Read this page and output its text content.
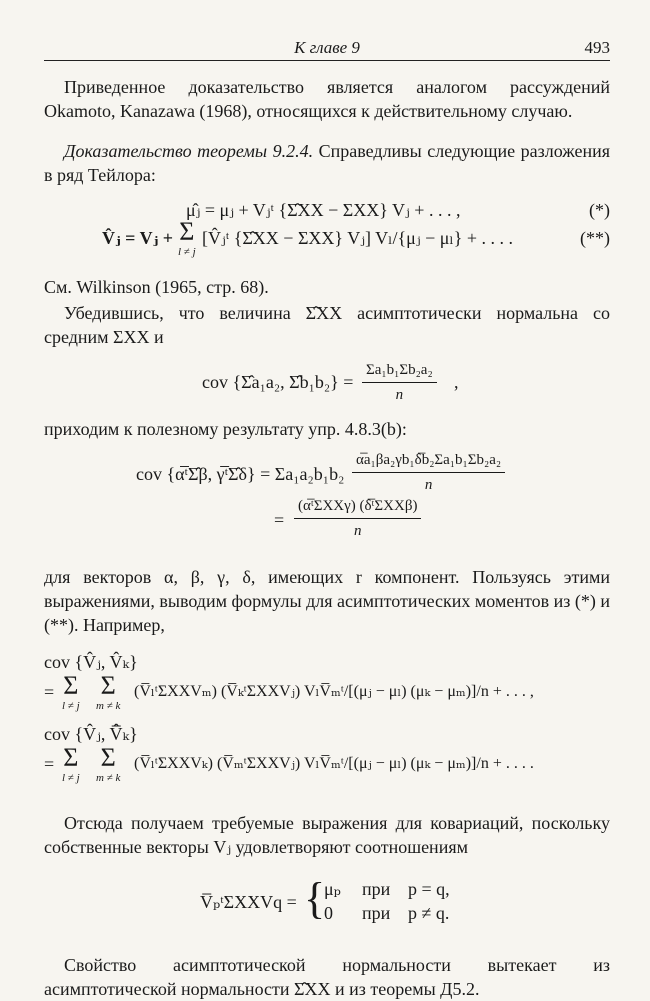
К главе 9	493

Приведенное доказательство является аналогом рассуждений Okamoto, Kanazawa (1968), относящихся к действительному случаю.

Доказательство теоремы 9.2.4. Справедливы следующие разложения в ряд Тейлора:

μ̂ⱼ = μⱼ + Vⱼᵗ {Σ̂XX − ΣXX} Vⱼ + . . . ,	(*)
V̂ⱼ = Vⱼ + Σ
l ≠ j
[V̂ⱼᵗ {Σ̂XX − ΣXX} Vⱼ] Vₗ/{μⱼ − μₗ} + . . . .	(**)

См. Wilkinson (1965, стр. 68).

Убедившись, что величина Σ̂XX асимптотически нормальна со средним ΣXX и

cov {Σ̂a₁a₂, Σ̂b₁b₂} = $\frac{\text{Σa₁b₁Σb₂a₂}}{n}$ ,

приходим к полезному результату упр. 4.8.3(b):

cov {α̅ᵗΣ̂β, γ̅ᵗΣ̂δ} = $\Sigma a_1a_2b_1b_2 \frac{\text{α̅a₁βa₂γb₁δ̅b₂Σa₁b₁Σb₂a₂}}{n}$
=
(α̅ᵗΣXXγ) (δ̅ᵗΣXXβ)
n

для векторов α, β, γ, δ, имеющих r компонент. Пользуясь этими выражениями, выводим формулы для асимптотических моментов из (*) и (**). Например,

cov {V̂ⱼ, V̂ₖ}
= Σ
l ≠ j
Σ
m ≠ k
(V̅ₗᵗΣXXVₘ) (V̅ₖᵗΣXXVⱼ) VₗV̅ₘᵗ/[(μⱼ − μₗ) (μₖ − μₘ)]/n + . . . ,
cov {V̂ⱼ, V̅̂ₖ}
= Σ
l ≠ j
Σ
m ≠ k
(V̅ₗᵗΣXXVₖ) (V̅ₘᵗΣXXVⱼ) VₗV̅ₘᵗ/[(μⱼ − μₗ) (μₖ − μₘ)]/n + . . . .

Отсюда получаем требуемые выражения для ковариаций, поскольку собственные векторы Vⱼ удовлетворяют соотношениям

V̅ₚᵗΣXXVq = {
μₚ при p = q,
0 при p ≠ q.

Свойство асимптотической нормальности вытекает из асимптотической нормальности Σ̂XX и из теоремы Д5.2.
